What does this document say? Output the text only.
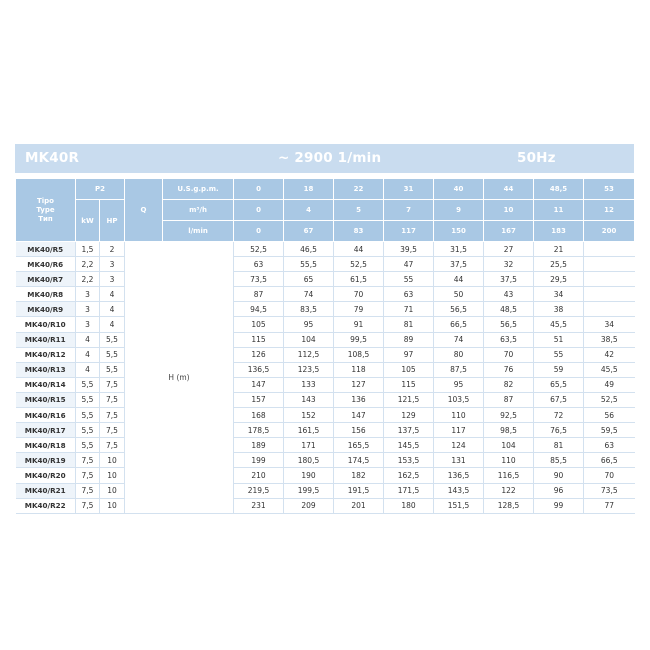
MK40R	~ 2900 1/min	50Hz
Tipo
Type
Тип	P2		Q	U.S.g.p.m.	0	18	22	31	40	44	48,5	53
	kW	HP		m³/h	0	4	5	7	9	10	11	12
				l/min	0	67	83	117	150	167	183	200
MK40/R5	1,5	2	H (m)		52,5	46,5	44	39,5	31,5	27	21	
MK40/R6	2,2	3			63	55,5	52,5	47	37,5	32	25,5	
MK40/R7	2,2	3			73,5	65	61,5	55	44	37,5	29,5	
MK40/R8	3	4			87	74	70	63	50	43	34	
MK40/R9	3	4			94,5	83,5	79	71	56,5	48,5	38	
MK40/R10	3	4			105	95	91	81	66,5	56,5	45,5	34
MK40/R11	4	5,5			115	104	99,5	89	74	63,5	51	38,5
MK40/R12	4	5,5			126	112,5	108,5	97	80	70	55	42
MK40/R13	4	5,5			136,5	123,5	118	105	87,5	76	59	45,5
MK40/R14	5,5	7,5			147	133	127	115	95	82	65,5	49
MK40/R15	5,5	7,5			157	143	136	121,5	103,5	87	67,5	52,5
MK40/R16	5,5	7,5			168	152	147	129	110	92,5	72	56
MK40/R17	5,5	7,5			178,5	161,5	156	137,5	117	98,5	76,5	59,5
MK40/R18	5,5	7,5			189	171	165,5	145,5	124	104	81	63
MK40/R19	7,5	10			199	180,5	174,5	153,5	131	110	85,5	66,5
MK40/R20	7,5	10			210	190	182	162,5	136,5	116,5	90	70
MK40/R21	7,5	10			219,5	199,5	191,5	171,5	143,5	122	96	73,5
MK40/R22	7,5	10			231	209	201	180	151,5	128,5	99	77
